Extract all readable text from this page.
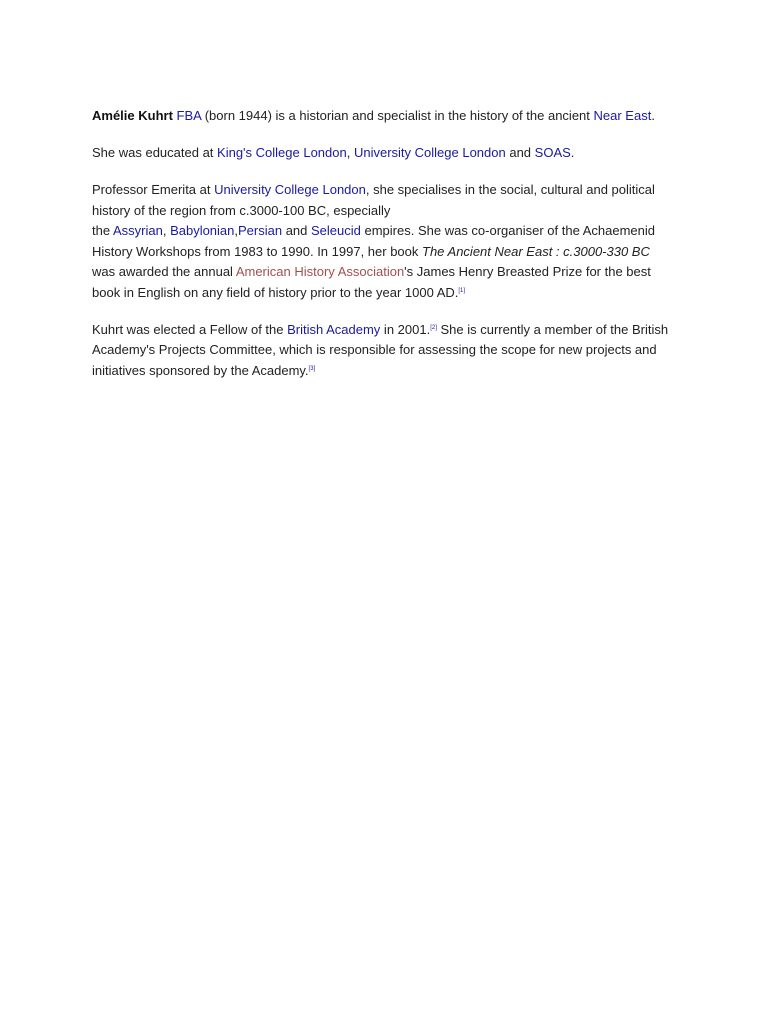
Amélie Kuhrt FBA (born 1944) is a historian and specialist in the history of the ancient Near East.

She was educated at King's College London, University College London and SOAS.

Professor Emerita at University College London, she specialises in the social, cultural and political history of the region from c.3000-100 BC, especially
the Assyrian, Babylonian,Persian and Seleucid empires. She was co-organiser of the Achaemenid History Workshops from 1983 to 1990. In 1997, her book The Ancient Near East : c.3000-330 BC was awarded the annual American History Association's James Henry Breasted Prize for the best book in English on any field of history prior to the year 1000 AD.[1]

Kuhrt was elected a Fellow of the British Academy in 2001.[2] She is currently a member of the British Academy's Projects Committee, which is responsible for assessing the scope for new projects and initiatives sponsored by the Academy.[3]
